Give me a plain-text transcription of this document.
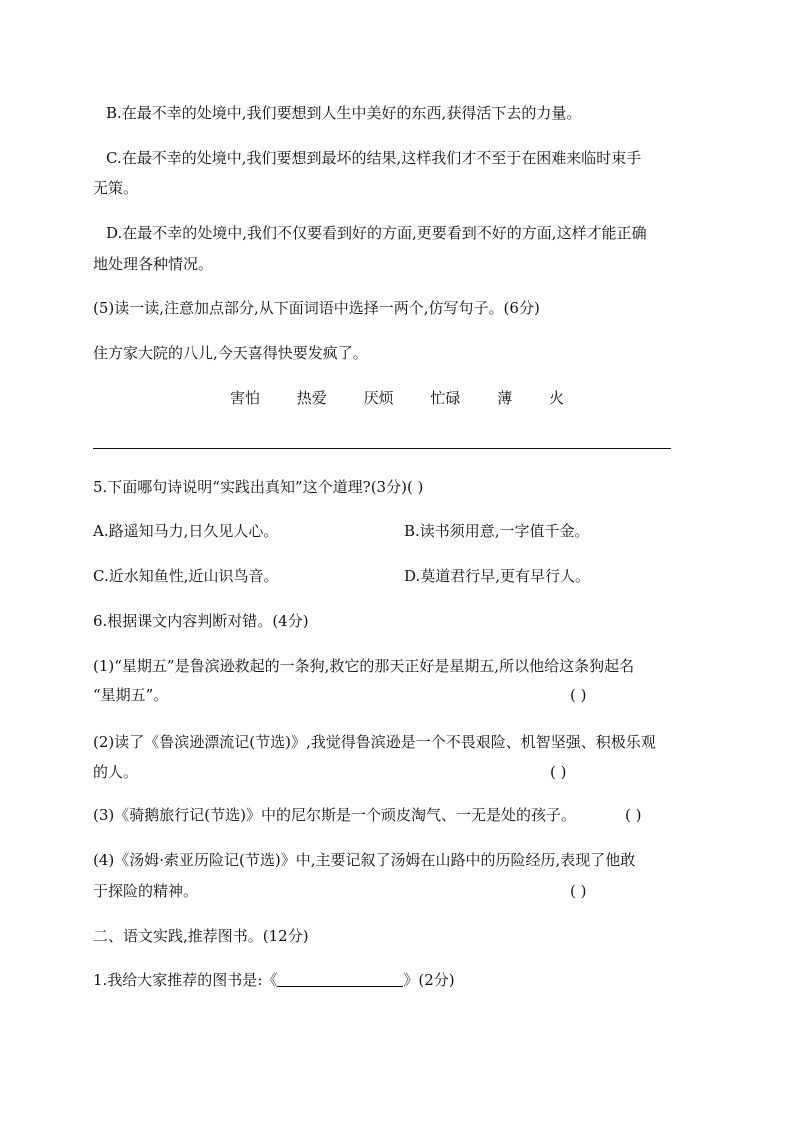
B.在最不幸的处境中,我们要想到人生中美好的东西,获得活下去的力量。
C.在最不幸的处境中,我们要想到最坏的结果,这样我们才不至于在困难来临时束手
无策。
D.在最不幸的处境中,我们不仅要看到好的方面,更要看到不好的方面,这样才能正确
地处理各种情况。
(5)读一读,注意加点部分,从下面词语中选择一两个,仿写句子。(6分)
住方家大院的八儿,今天喜得快要发疯了。
害怕 热爱 厌烦 忙碌 薄 火
5.下面哪句诗说明“实践出真知”这个道理?(3分)( )
A.路遥知马力,日久见人心。	B.读书须用意,一字值千金。
C.近水知鱼性,近山识鸟音。	D.莫道君行早,更有早行人。
6.根据课文内容判断对错。(4分)
(1)“星期五”是鲁滨逊救起的一条狗,救它的那天正好是星期五,所以他给这条狗起名
“星期五”。	( )
(2)读了《鲁滨逊漂流记(节选)》,我觉得鲁滨逊是一个不畏艰险、机智坚强、积极乐观
的人。	( )
(3)《骑鹅旅行记(节选)》中的尼尔斯是一个顽皮淘气、一无是处的孩子。	( )
(4)《汤姆·索亚历险记(节选)》中,主要记叙了汤姆在山路中的历险经历,表现了他敢
于探险的精神。	( )
二、语文实践,推荐图书。(12分)
1.我给大家推荐的图书是:《	》(2分)
